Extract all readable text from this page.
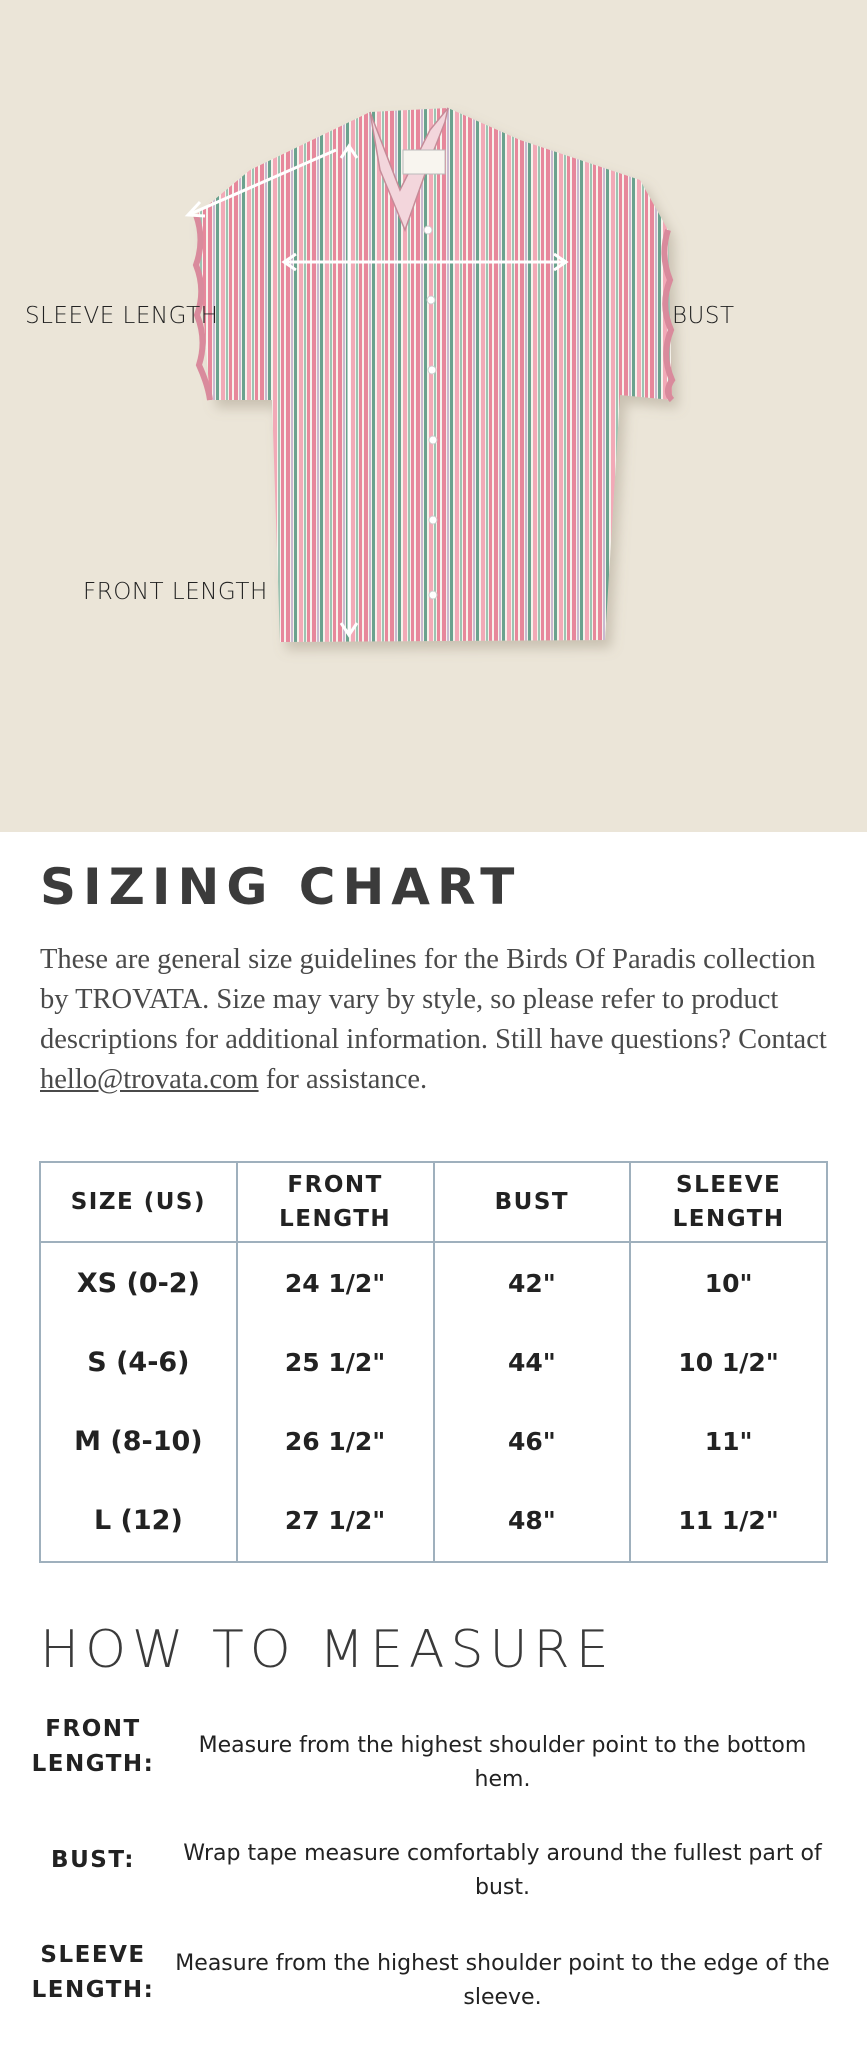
SLEEVE LENGTH	BUST
FRONT LENGTH
SIZING CHART

These are general size guidelines for the Birds Of Paradis collection by TROVATA. Size may vary by style, so please refer to product descriptions for additional information. Still have questions? Contact hello@trovata.com for assistance.

SIZE (US)	FRONT LENGTH	BUST	SLEEVE LENGTH
XS (0-2)	24 1/2"	42"	10"
S (4-6)	25 1/2"	44"	10 1/2"
M (8-10)	26 1/2"	46"	11"
L (12)	27 1/2"	48"	11 1/2"
HOW TO MEASURE
FRONT LENGTH:
Measure from the highest shoulder point to the bottom hem.
BUST:	Wrap tape measure comfortably around the fullest part of bust.
SLEEVE LENGTH:
Measure from the highest shoulder point to the edge of the sleeve.
